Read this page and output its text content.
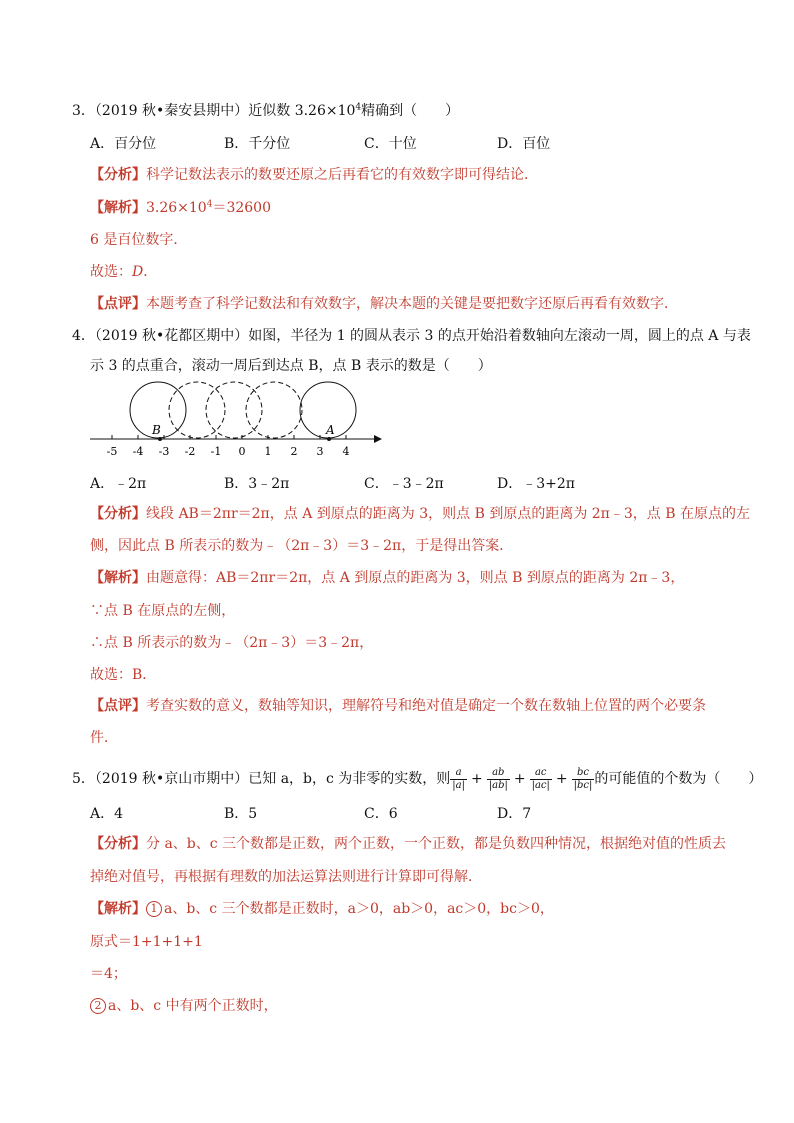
3．（2019 秋•秦安县期中）近似数 $3.26\times 10^4$精确到（　　）
A．百分位	B．千分位	C．十位	D．百位
【分析】科学记数法表示的数要还原之后再看它的有效数字即可得结论．
【解析】$3.26\times 10^4=32600$
6 是百位数字．
故选：D．
【点评】本题考查了科学记数法和有效数字，解决本题的关键是要把数字还原后再看有效数字．
4．（2019 秋•花都区期中）如图，半径为 1 的圆从表示 3 的点开始沿着数轴向左滚动一周，圆上的点 A 与表
示 3 的点重合，滚动一周后到达点 B，点 B 表示的数是（　　）
-5 -4 -3 -2 -1 0 1 2 3 4
B	A
A．﹣2π	B．3﹣2π	C．﹣3﹣2π	D．﹣3+2π
【分析】线段 AB＝2πr＝2π，点 A 到原点的距离为 3，则点 B 到原点的距离为 2π﹣3，点 B 在原点的左
侧，因此点 B 所表示的数为﹣（2π﹣3）＝3﹣2π，于是得出答案．
【解析】由题意得：AB＝2πr＝2π，点 A 到原点的距离为 3，则点 B 到原点的距离为 2π﹣3，
∵点 B 在原点的左侧，
∴点 B 所表示的数为﹣（2π﹣3）＝3﹣2π，
故选：B．
【点评】考查实数的意义，数轴等知识，理解符号和绝对值是确定一个数在数轴上位置的两个必要条
件．
5．（2019 秋•京山市期中）已知 a，b，c 为非零的实数，则 $\frac{a}{|a|} + \frac{ab}{|ab|} + \frac{ac}{|ac|} + \frac{bc}{|bc|}$ 的可能值的个数为（　　）
A．4	B．5	C．6	D．7
【分析】分 a、b、c 三个数都是正数，两个正数，一个正数，都是负数四种情况，根据绝对值的性质去
掉绝对值号，再根据有理数的加法运算法则进行计算即可得解．
【解析】 1 a、b、c 三个数都是正数时，a＞0，ab＞0，ac＞0，bc＞0，
原式＝1+1+1+1
＝4；
2 a、b、c 中有两个正数时，
